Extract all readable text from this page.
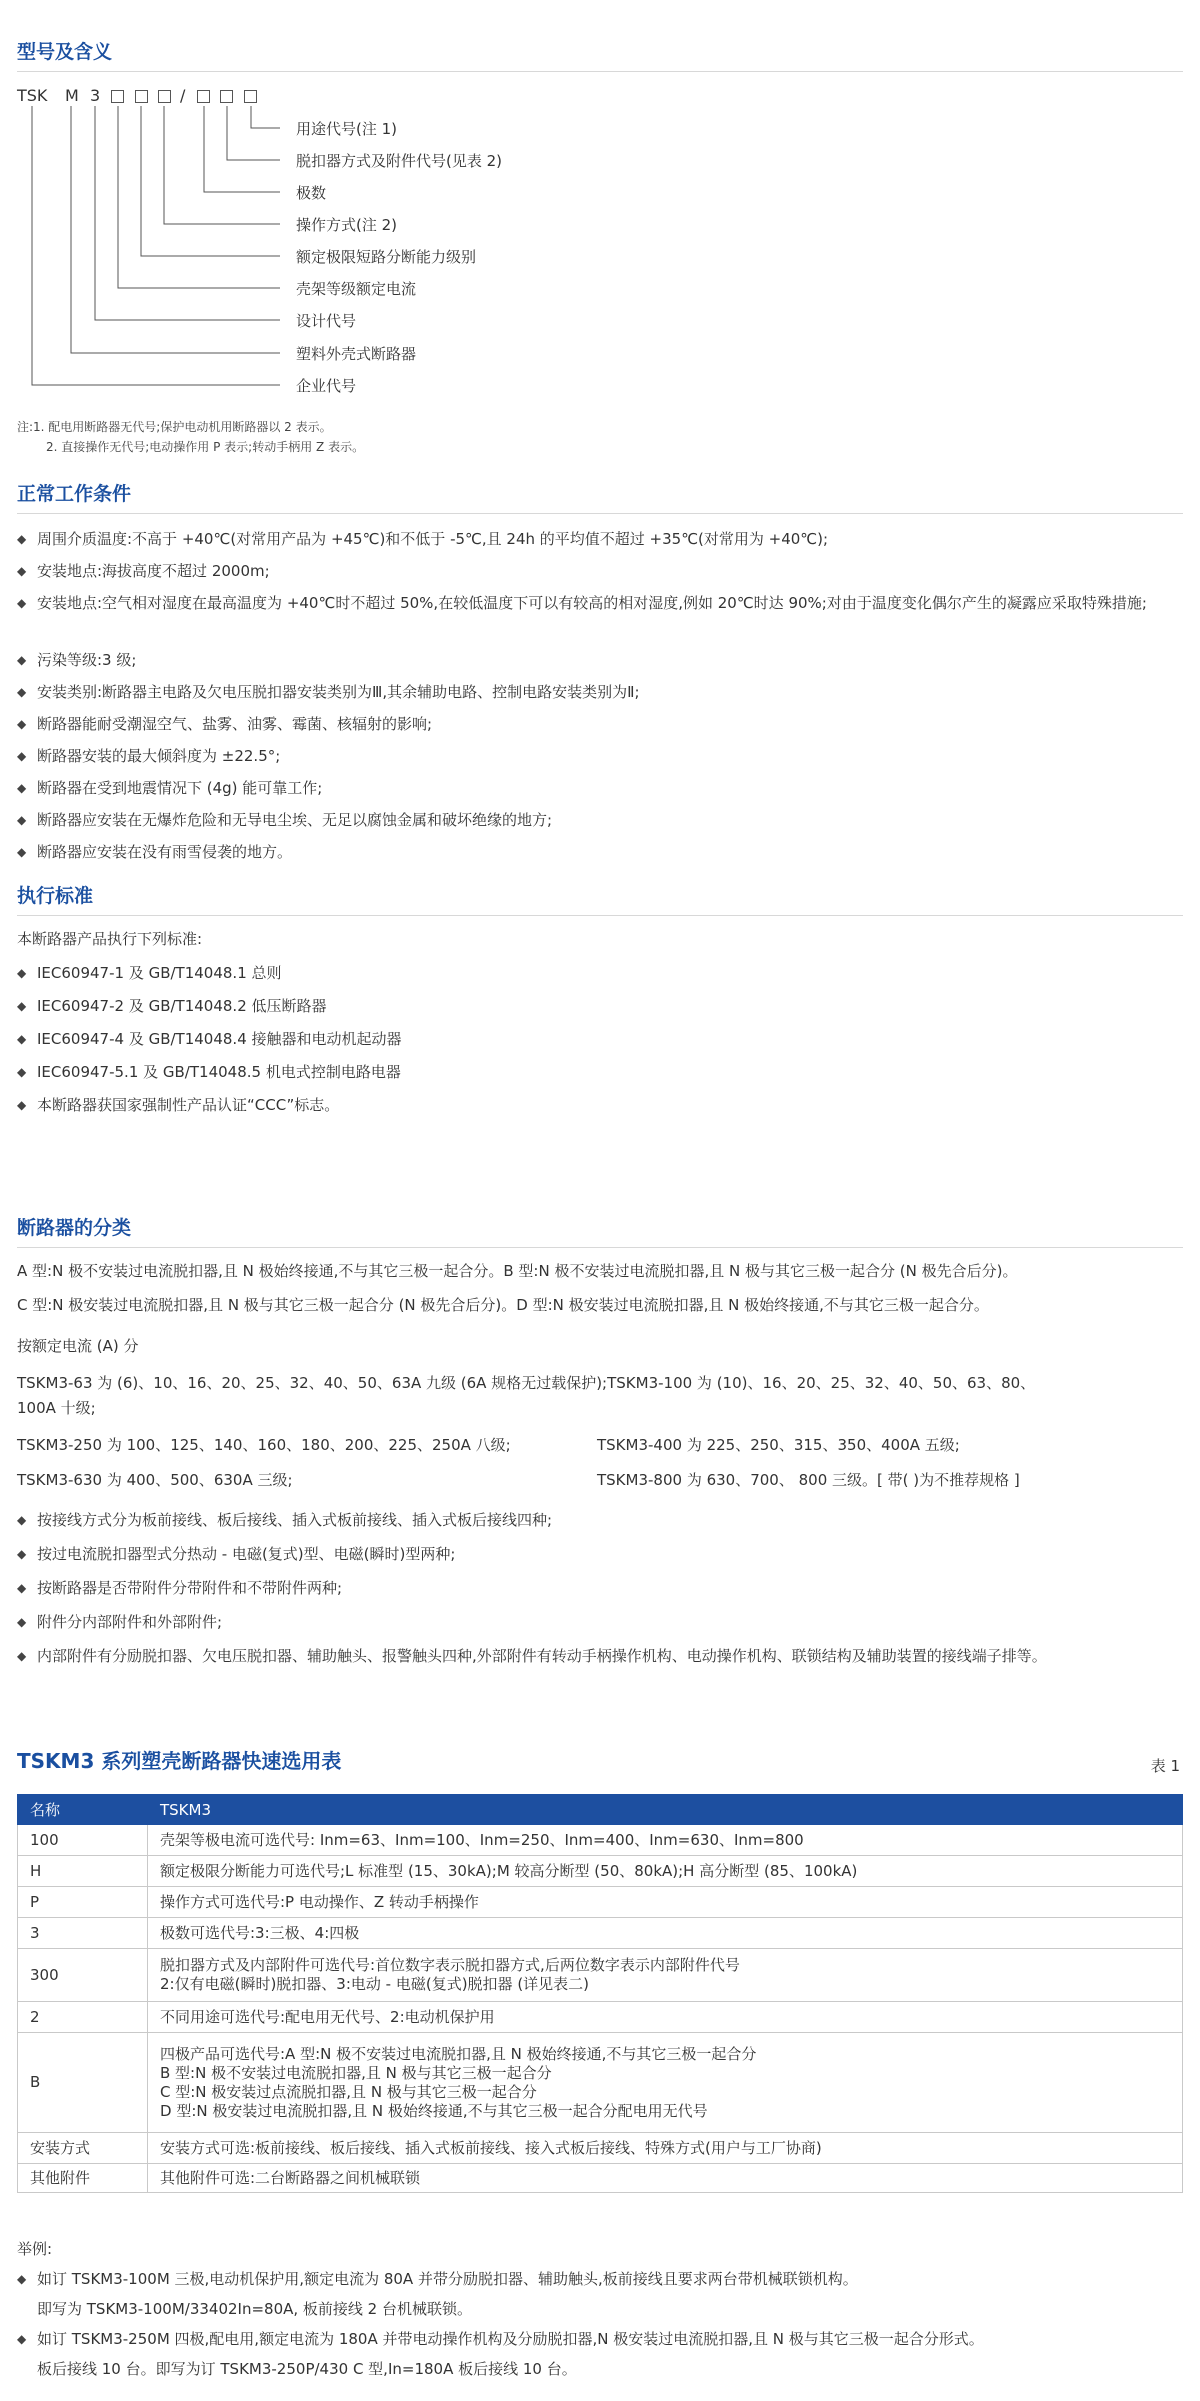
型号及含义
TSK M 3	/
用途代号(注 1)
脱扣器方式及附件代号(见表 2)
极数
操作方式(注 2)
额定极限短路分断能力级别
壳架等级额定电流
设计代号
塑料外壳式断路器
企业代号
注:1. 配电用断路器无代号;保护电动机用断路器以 2 表示。
2. 直接操作无代号;电动操作用 P 表示;转动手柄用 Z 表示。
正常工作条件
◆ 周围介质温度:不高于 +40℃(对常用产品为 +45℃)和不低于 -5℃,且 24h 的平均值不超过 +35℃(对常用为 +40℃);
◆ 安装地点:海拔高度不超过 2000m;
◆ 安装地点:空气相对湿度在最高温度为 +40℃时不超过 50%,在较低温度下可以有较高的相对湿度,例如 20℃时达 90%;对由于温度变化偶尔产生的凝露应采取特殊措施;
◆ 污染等级:3 级;
◆ 安装类别:断路器主电路及欠电压脱扣器安装类别为Ⅲ,其余辅助电路、控制电路安装类别为Ⅱ;
◆ 断路器能耐受潮湿空气、盐雾、油雾、霉菌、核辐射的影响;
◆ 断路器安装的最大倾斜度为 ±22.5°;
◆ 断路器在受到地震情况下 (4g) 能可靠工作;
◆ 断路器应安装在无爆炸危险和无导电尘埃、无足以腐蚀金属和破坏绝缘的地方;
◆ 断路器应安装在没有雨雪侵袭的地方。
执行标准
本断路器产品执行下列标准:
◆ IEC60947-1 及 GB/T14048.1 总则
◆ IEC60947-2 及 GB/T14048.2 低压断路器
◆ IEC60947-4 及 GB/T14048.4 接触器和电动机起动器
◆ IEC60947-5.1 及 GB/T14048.5 机电式控制电路电器
◆ 本断路器获国家强制性产品认证“CCC”标志。
断路器的分类
A 型:N 极不安装过电流脱扣器,且 N 极始终接通,不与其它三极一起合分。B 型:N 极不安装过电流脱扣器,且 N 极与其它三极一起合分 (N 极先合后分)。
C 型:N 极安装过电流脱扣器,且 N 极与其它三极一起合分 (N 极先合后分)。D 型:N 极安装过电流脱扣器,且 N 极始终接通,不与其它三极一起合分。
按额定电流 (A) 分
TSKM3-63 为 (6)、10、16、20、25、32、40、50、63A 九级 (6A 规格无过载保护);TSKM3-100 为 (10)、16、20、25、32、40、50、63、80、
100A 十级;
TSKM3-250 为 100、125、140、160、180、200、225、250A 八级;	TSKM3-400 为 225、250、315、350、400A 五级;
TSKM3-630 为 400、500、630A 三级;	TSKM3-800 为 630、700、 800 三级。[ 带( )为不推荐规格 ]
◆ 按接线方式分为板前接线、板后接线、插入式板前接线、插入式板后接线四种;
◆ 按过电流脱扣器型式分热动 - 电磁(复式)型、电磁(瞬时)型两种;
◆ 按断路器是否带附件分带附件和不带附件两种;
◆ 附件分内部附件和外部附件;
◆ 内部附件有分励脱扣器、欠电压脱扣器、辅助触头、报警触头四种,外部附件有转动手柄操作机构、电动操作机构、联锁结构及辅助装置的接线端子排等。
TSKM3 系列塑壳断路器快速选用表	表 1
名称	TSKM3
100	壳架等极电流可选代号: Inm=63、Inm=100、Inm=250、Inm=400、Inm=630、Inm=800
H	额定极限分断能力可选代号;L 标准型 (15、30kA);M 较高分断型 (50、80kA);H 高分断型 (85、100kA)
P	操作方式可选代号:P 电动操作、Z 转动手柄操作
3	极数可选代号:3:三极、4:四极
300	脱扣器方式及内部附件可选代号:首位数字表示脱扣器方式,后两位数字表示内部附件代号
2:仅有电磁(瞬时)脱扣器、3:电动 - 电磁(复式)脱扣器 (详见表二)

2	不同用途可选代号:配电用无代号、2:电动机保护用
B	四极产品可选代号:A 型:N 极不安装过电流脱扣器,且 N 极始终接通,不与其它三极一起合分
B 型:N 极不安装过电流脱扣器,且 N 极与其它三极一起合分
C 型:N 极安装过点流脱扣器,且 N 极与其它三极一起合分
D 型:N 极安装过电流脱扣器,且 N 极始终接通,不与其它三极一起合分配电用无代号

安装方式	安装方式可选:板前接线、板后接线、插入式板前接线、接入式板后接线、特殊方式(用户与工厂协商)
其他附件	其他附件可选:二台断路器之间机械联锁
举例:
◆ 如订 TSKM3-100M 三极,电动机保护用,额定电流为 80A 并带分励脱扣器、辅助触头,板前接线且要求两台带机械联锁机构。
即写为 TSKM3-100M/33402In=80A, 板前接线 2 台机械联锁。
◆ 如订 TSKM3-250M 四极,配电用,额定电流为 180A 并带电动操作机构及分励脱扣器,N 极安装过电流脱扣器,且 N 极与其它三极一起合分形式。
板后接线 10 台。即写为订 TSKM3-250P/430 C 型,In=180A 板后接线 10 台。
